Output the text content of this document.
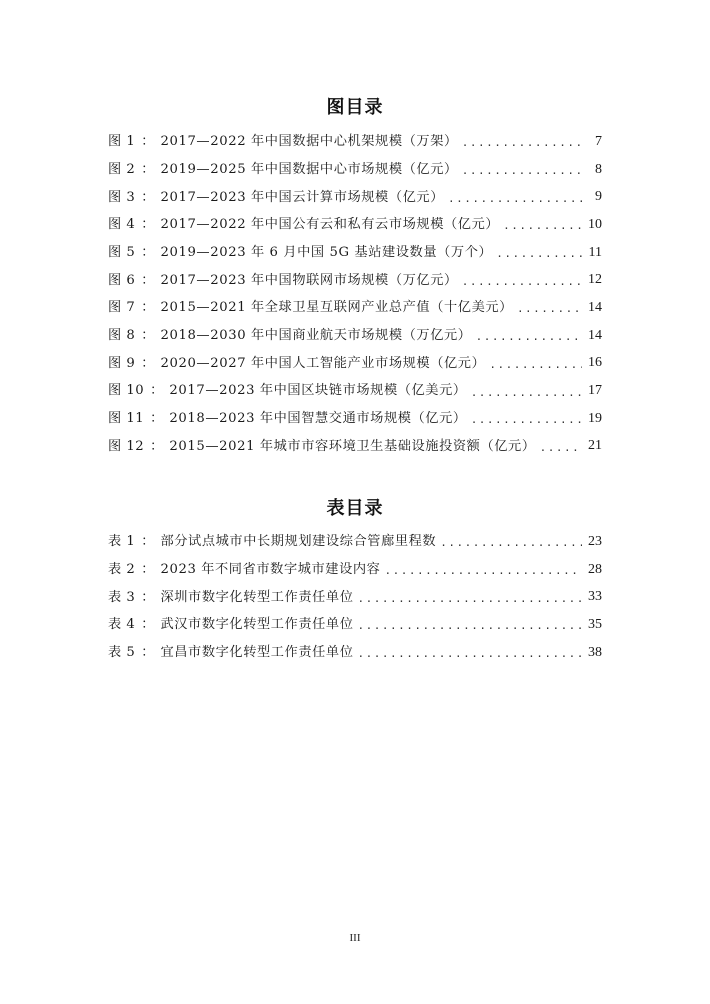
图目录
图 1 ： 2017—2022 年中国数据中心机架规模（万架） .....	7
图 2 ： 2019—2025 年中国数据中心市场规模（亿元） .....	8
图 3 ： 2017—2023 年中国云计算市场规模（亿元） .....	9
图 4 ： 2017—2022 年中国公有云和私有云市场规模（亿元） .....	10
图 5 ： 2019—2023 年 6 月中国 5G 基站建设数量（万个） .....	11
图 6 ： 2017—2023 年中国物联网市场规模（万亿元） .....	12
图 7 ： 2015—2021 年全球卫星互联网产业总产值（十亿美元） .....	14
图 8 ： 2018—2030 年中国商业航天市场规模（万亿元） .....	14
图 9 ： 2020—2027 年中国人工智能产业市场规模（亿元） .....	16
图 10 ： 2017—2023 年中国区块链市场规模（亿美元） .....	17
图 11 ： 2018—2023 年中国智慧交通市场规模（亿元） .....	19
图 12 ： 2015—2021 年城市市容环境卫生基础设施投资额（亿元） .....	21
表目录
表 1 ： 部分试点城市中长期规划建设综合管廊里程数 .....	23
表 2 ： 2023 年不同省市数字城市建设内容 .....	28
表 3 ： 深圳市数字化转型工作责任单位 .....	33
表 4 ： 武汉市数字化转型工作责任单位 .....	35
表 5 ： 宜昌市数字化转型工作责任单位 .....	38
III
